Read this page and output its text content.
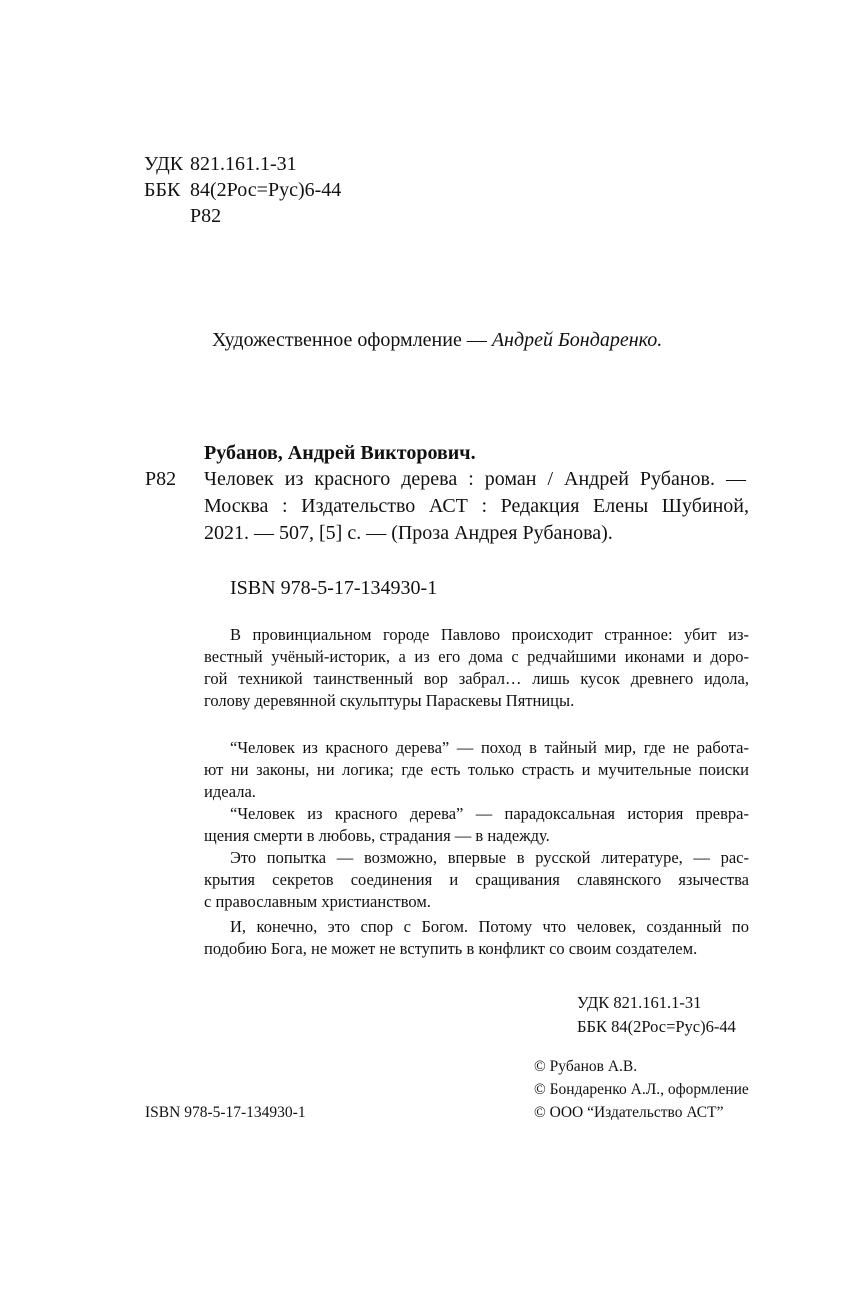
УДК 821.161.1-31
ББК 84(2Рос=Рус)6-44
Р82
Художественное оформление — Андрей Бондаренко.
Рубанов, Андрей Викторович.
Р82 Человек из красного дерева : роман / Андрей Рубанов. —
Москва : Издательство АСТ : Редакция Елены Шубиной,
2021. — 507, [5] с. — (Проза Андрея Рубанова).
ISBN 978-5-17-134930-1
В провинциальном городе Павлово происходит странное: убит из-
вестный учёный-историк, а из его дома с редчайшими иконами и доро-
гой техникой таинственный вор забрал… лишь кусок древнего идола,
голову деревянной скульптуры Параскевы Пятницы.
“Человек из красного дерева” — поход в тайный мир, где не работа-
ют ни законы, ни логика; где есть только страсть и мучительные поиски
идеала.
“Человек из красного дерева” — парадоксальная история превра-
щения смерти в любовь, страдания — в надежду.
Это попытка — возможно, впервые в русской литературе, — рас-
крытия секретов соединения и сращивания славянского язычества
с православным христианством.
И, конечно, это спор с Богом. Потому что человек, созданный по
подобию Бога, не может не вступить в конфликт со своим создателем.
УДК 821.161.1-31
ББК 84(2Рос=Рус)6-44
© Рубанов А.В.
© Бондаренко А.Л., оформление
ISBN 978-5-17-134930-1	© ООО “Издательство АСТ”
